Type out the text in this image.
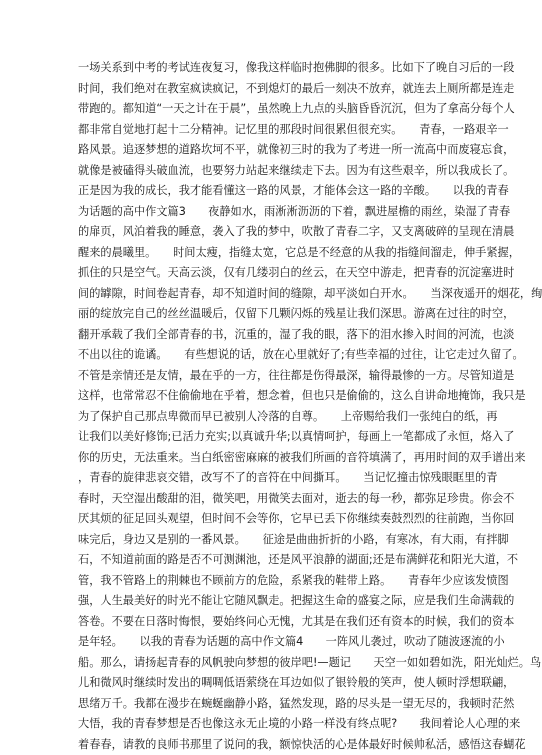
一场关系到中考的考试连夜复习，像我这样临时抱佛脚的很多。比如下了晚自习后的一段
时间，我们绝对在教室疯读疯记，不到熄灯的最后一刻决不放弃，就连去上厕所都是连走
带跑的。都知道“一天之计在于晨”，虽然晚上九点的头脑昏昏沉沉，但为了拿高分每个人
都非常自觉地打起十二分精神。记忆里的那段时间很累但很充实。　　青春，一路艰辛一
路风景。追逐梦想的道路坎坷不平，就像初三时的我为了考进一所一流高中而废寝忘食，
就像是被磕得头破血流，也要努力站起来继续走下去。因为有这些艰辛，所以我成长了。
正是因为我的成长，我才能看懂这一路的风景，才能体会这一路的辛酸。　　以我的青春
为话题的高中作文篇3　　夜静如水，雨淅淅沥沥的下着，飘进屋檐的雨丝，染湿了青春
的扉页，风泊着我的睡意，袭入了我的梦中，吹散了青春二字，又支离破碎的呈现在清晨
醒来的晨曦里。　　时间太瘦，指缝太宽，它总是不经意的从我的指缝间溜走，伸手紧握，
抓住的只是空气。天高云淡，仅有几缕羽白的丝云，在天空中游走，把青春的沉淀塞进时
间的罅隙，时间卷起青春，却不知道时间的缝隙，却平淡如白开水。　　当深夜遥开的烟花，绚
丽的绽放完自己的丝丝温暖后，仅留下几颗闪烁的残星让我们深思。游离在过往的时空，
翻开承载了我们全部青春的书，沉重的，湿了我的眼，落下的泪水掺入时间的河流，也淡
不出以往的诡谲。　　有些想说的话，放在心里就好了;有些幸福的过往，让它走过久留了。
不管是亲情还是友情，最在乎的一方，往往都是伤得最深，输得最惨的一方。尽管知道是
这样，也常常忍不住偷偷地在乎着，想念着，但也只是偷偷的，这么自讲命地掩饰，我只是
为了保护自己那点卑微而早已被别人冷落的自尊。　　上帝赐给我们一张纯白的纸，再
让我们以美好修饰;已活力充实;以真诚升华;以真情呵护，每画上一笔都成了永恒，烙入了
你的历史，无法重来。当白纸密密麻麻的被我们所画的音符填满了，再用时间的双手谱出来
，青春的旋律悲哀交错，改写不了的音符在中间撕耳。　　当记忆撞击惊残眼眶里的青
春时，天空湿出酸甜的泪，微笑吧，用微笑去面对，逝去的每一秒，都弥足珍贵。你会不
厌其烦的征足回头观望，但时间不会等你，它早已丢下你继续奏鼓烈烈的往前跑，当你回
味完后，身边又是别的一番风景。　　征途是曲曲折折的小路，有寒冰，有大雨，有拌脚
石，不知道前面的路是否不可测渊池，还是风平浪静的湖面;还是布满鲜花和阳光大道，不
管，我不管路上的荆棘也不顾前方的危险，系紧我的鞋带上路。　　青春年少应该发愤图
强，人生最美好的时光不能让它随风飘走。把握这生命的盛宴之际，应是我们生命满载的
答卷。不要在日落时悔恨，要始终问心无愧，尤其是在我们还有资本的时候，我们的资本
是年轻。　　以我的青春为话题的高中作文篇4　　一阵风儿袭过，吹动了随波逐流的小
船。那么，请扬起青春的风帆驶向梦想的彼岸吧!—题记　　天空一如如碧如洗，阳光灿烂。鸟
儿和微风时继续时发出的啁啁低语萦绕在耳边如似了银铃般的笑声，使人顿时浮想联翩，
思绪万千。我都在漫步在蜿蜒幽静小路，猛然发现，路的尽头是一望无尽的，我顿时茫然
大悟，我的青春梦想是否也像这永无止境的小路一样没有终点呢?　　我间着论人心理的来
着春春，请教的良师书那里了说问的我，额惊快活的心是体最好时候帅私活，感悟这春蝴花
